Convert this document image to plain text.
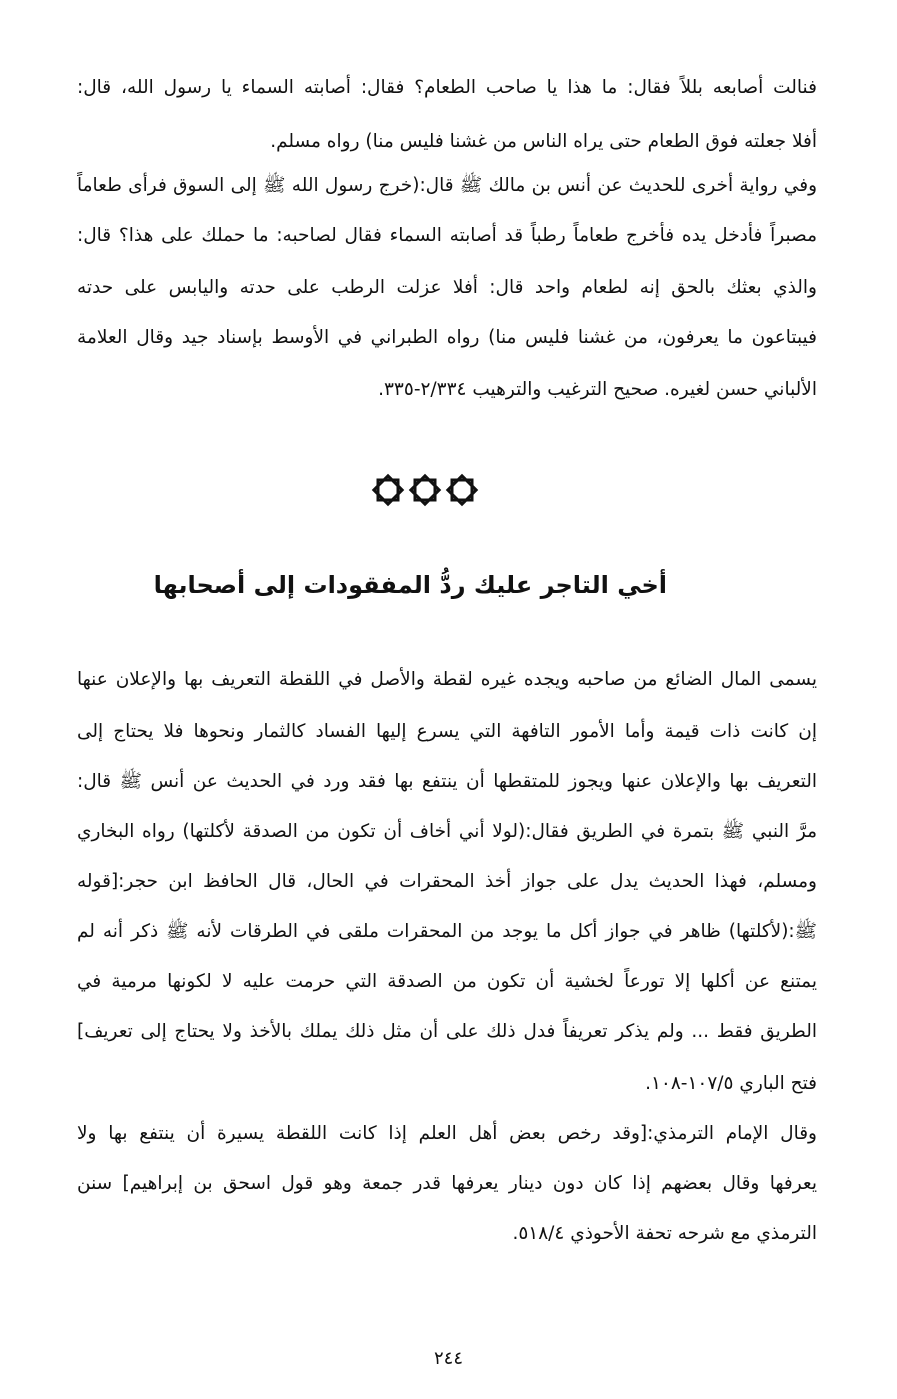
فنالت أصابعه بللاً فقال: ما هذا يا صاحب الطعام؟ فقال: أصابته السماء يا رسول الله، قال:
أفلا جعلته فوق الطعام حتى يراه الناس من غشنا فليس منا) رواه مسلم.
وفي رواية أخرى للحديث عن أنس بن مالك ﷺ قال:(خرج رسول الله ﷺ إلى السوق فرأى طعاماً
مصبراً فأدخل يده فأخرج طعاماً رطباً قد أصابته السماء فقال لصاحبه: ما حملك على هذا؟ قال:
والذي بعثك بالحق إنه لطعام واحد قال: أفلا عزلت الرطب على حدته واليابس على حدته
فيبتاعون ما يعرفون، من غشنا فليس منا) رواه الطبراني في الأوسط بإسناد جيد وقال العلامة
الألباني حسن لغيره. صحيح الترغيب والترهيب ٢/٣٣٤-٣٣٥.
أخي التاجر عليك ردُّ المفقودات إلى أصحابها
يسمى المال الضائع من صاحبه ويجده غيره لقطة والأصل في اللقطة التعريف بها والإعلان عنها
إن كانت ذات قيمة وأما الأمور التافهة التي يسرع إليها الفساد كالثمار ونحوها فلا يحتاج إلى
التعريف بها والإعلان عنها ويجوز للمتقطها أن ينتفع بها فقد ورد في الحديث عن أنس ﷺ قال:
مرَّ النبي ﷺ بتمرة في الطريق فقال:(لولا أني أخاف أن تكون من الصدقة لأكلتها) رواه البخاري
ومسلم، فهذا الحديث يدل على جواز أخذ المحقرات في الحال، قال الحافظ ابن حجر:[قوله
ﷺ:(لأكلتها) ظاهر في جواز أكل ما يوجد من المحقرات ملقى في الطرقات لأنه ﷺ ذكر أنه لم
يمتنع عن أكلها إلا تورعاً لخشية أن تكون من الصدقة التي حرمت عليه لا لكونها مرمية في
الطريق فقط ... ولم يذكر تعريفاً فدل ذلك على أن مثل ذلك يملك بالأخذ ولا يحتاج إلى تعريف]
فتح الباري ١٠٧/٥-١٠٨.
وقال الإمام الترمذي:[وقد رخص بعض أهل العلم إذا كانت اللقطة يسيرة أن ينتفع بها ولا
يعرفها وقال بعضهم إذا كان دون دينار يعرفها قدر جمعة وهو قول اسحق بن إبراهيم] سنن
الترمذي مع شرحه تحفة الأحوذي ٥١٨/٤.
٢٤٤
